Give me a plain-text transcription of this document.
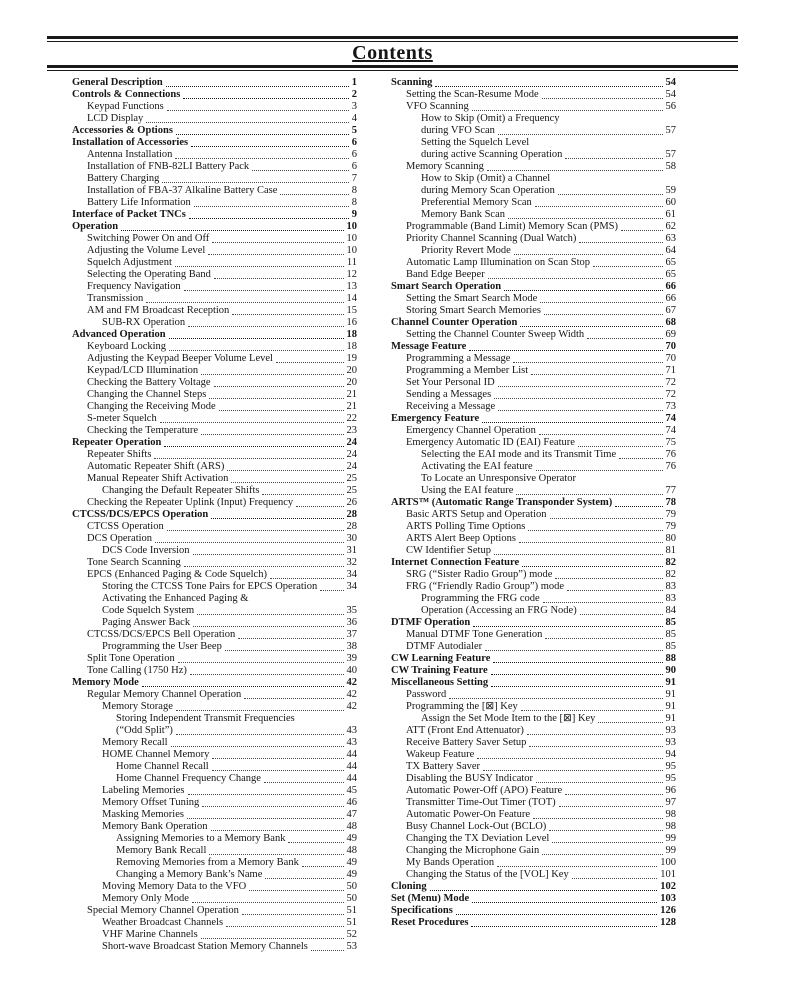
Contents
General Description	1
Controls & Connections	2
Keypad Functions	3
LCD Display	4
Accessories & Options	5
Installation of Accessories	6
Antenna Installation	6
Installation of FNB-82LI Battery Pack	6
Battery Charging	7
Installation of FBA-37 Alkaline Battery Case	8
Battery Life Information	8
Interface of Packet TNCs	9
Operation	10
Switching Power On and Off	10
Adjusting the Volume Level	10
Squelch Adjustment	11
Selecting the Operating Band	12
Frequency Navigation	13
Transmission	14
AM and FM Broadcast Reception	15
SUB-RX Operation	16
Advanced Operation	18
Keyboard Locking	18
Adjusting the Keypad Beeper Volume Level	19
Keypad/LCD Illumination	20
Checking the Battery Voltage	20
Changing the Channel Steps	21
Changing the Receiving Mode	21
S-meter Squelch	22
Checking the Temperature	23
Repeater Operation	24
Repeater Shifts	24
Automatic Repeater Shift (ARS)	24
Manual Repeater Shift Activation	25
Changing the Default Repeater Shifts	25
Checking the Repeater Uplink (Input) Frequency	26
CTCSS/DCS/EPCS Operation	28
CTCSS Operation	28
DCS Operation	30
DCS Code Inversion	31
Tone Search Scanning	32
EPCS (Enhanced Paging & Code Squelch)	34
Storing the CTCSS Tone Pairs for EPCS Operation	34
Activating the Enhanced Paging &
Code Squelch System	35
Paging Answer Back	36
CTCSS/DCS/EPCS Bell Operation	37
Programming the User Beep	38
Split Tone Operation	39
Tone Calling (1750 Hz)	40
Memory Mode	42
Regular Memory Channel Operation	42
Memory Storage	42
Storing Independent Transmit Frequencies
(“Odd Split”)	43
Memory Recall	43
HOME Channel Memory	44
Home Channel Recall	44
Home Channel Frequency Change	44
Labeling Memories	45
Memory Offset Tuning	46
Masking Memories	47
Memory Bank Operation	48
Assigning Memories to a Memory Bank	49
Memory Bank Recall	48
Removing Memories from a Memory Bank	49
Changing a Memory Bank’s Name	49
Moving Memory Data to the VFO	50
Memory Only Mode	50
Special Memory Channel Operation	51
Weather Broadcast Channels	51
VHF Marine Channels	52
Short-wave Broadcast Station Memory Channels	53
Scanning	54
Setting the Scan-Resume Mode	54
VFO Scanning	56
How to Skip (Omit) a Frequency
during VFO Scan	57
Setting the Squelch Level
during active Scanning Operation	57
Memory Scanning	58
How to Skip (Omit) a Channel
during Memory Scan Operation	59
Preferential Memory Scan	60
Memory Bank Scan	61
Programmable (Band Limit) Memory Scan (PMS)	62
Priority Channel Scanning (Dual Watch)	63
Priority Revert Mode	64
Automatic Lamp Illumination on Scan Stop	65
Band Edge Beeper	65
Smart Search Operation	66
Setting the Smart Search Mode	66
Storing Smart Search Memories	67
Channel Counter Operation	68
Setting the Channel Counter Sweep Width	69
Message Feature	70
Programming a Message	70
Programming a Member List	71
Set Your Personal ID	72
Sending a Messages	72
Receiving a Message	73
Emergency Feature	74
Emergency Channel Operation	74
Emergency Automatic ID (EAI) Feature	75
Selecting the EAI mode and its Transmit Time	76
Activating the EAI feature	76
To Locate an Unresponsive Operator
Using the EAI feature	77
ARTS™ (Automatic Range Transponder System)	78
Basic ARTS Setup and Operation	79
ARTS Polling Time Options	79
ARTS Alert Beep Options	80
CW Identifier Setup	81
Internet Connection Feature	82
SRG (“Sister Radio Group”) mode	82
FRG (“Friendly Radio Group”) mode	83
Programming the FRG code	83
Operation (Accessing an FRG Node)	84
DTMF Operation	85
Manual DTMF Tone Generation	85
DTMF Autodialer	85
CW Learning Feature	88
CW Training Feature	90
Miscellaneous Setting	91
Password	91
Programming the [⊠] Key	91
Assign the Set Mode Item to the [⊠] Key	91
ATT (Front End Attenuator)	93
Receive Battery Saver Setup	93
Wakeup Feature	94
TX Battery Saver	95
Disabling the BUSY Indicator	95
Automatic Power-Off (APO) Feature	96
Transmitter Time-Out Timer (TOT)	97
Automatic Power-On Feature	98
Busy Channel Lock-Out (BCLO)	98
Changing the TX Deviation Level	99
Changing the Microphone Gain	99
My Bands Operation	100
Changing the Status of the [VOL] Key	101
Cloning	102
Set (Menu) Mode	103
Specifications	126
Reset Procedures	128
